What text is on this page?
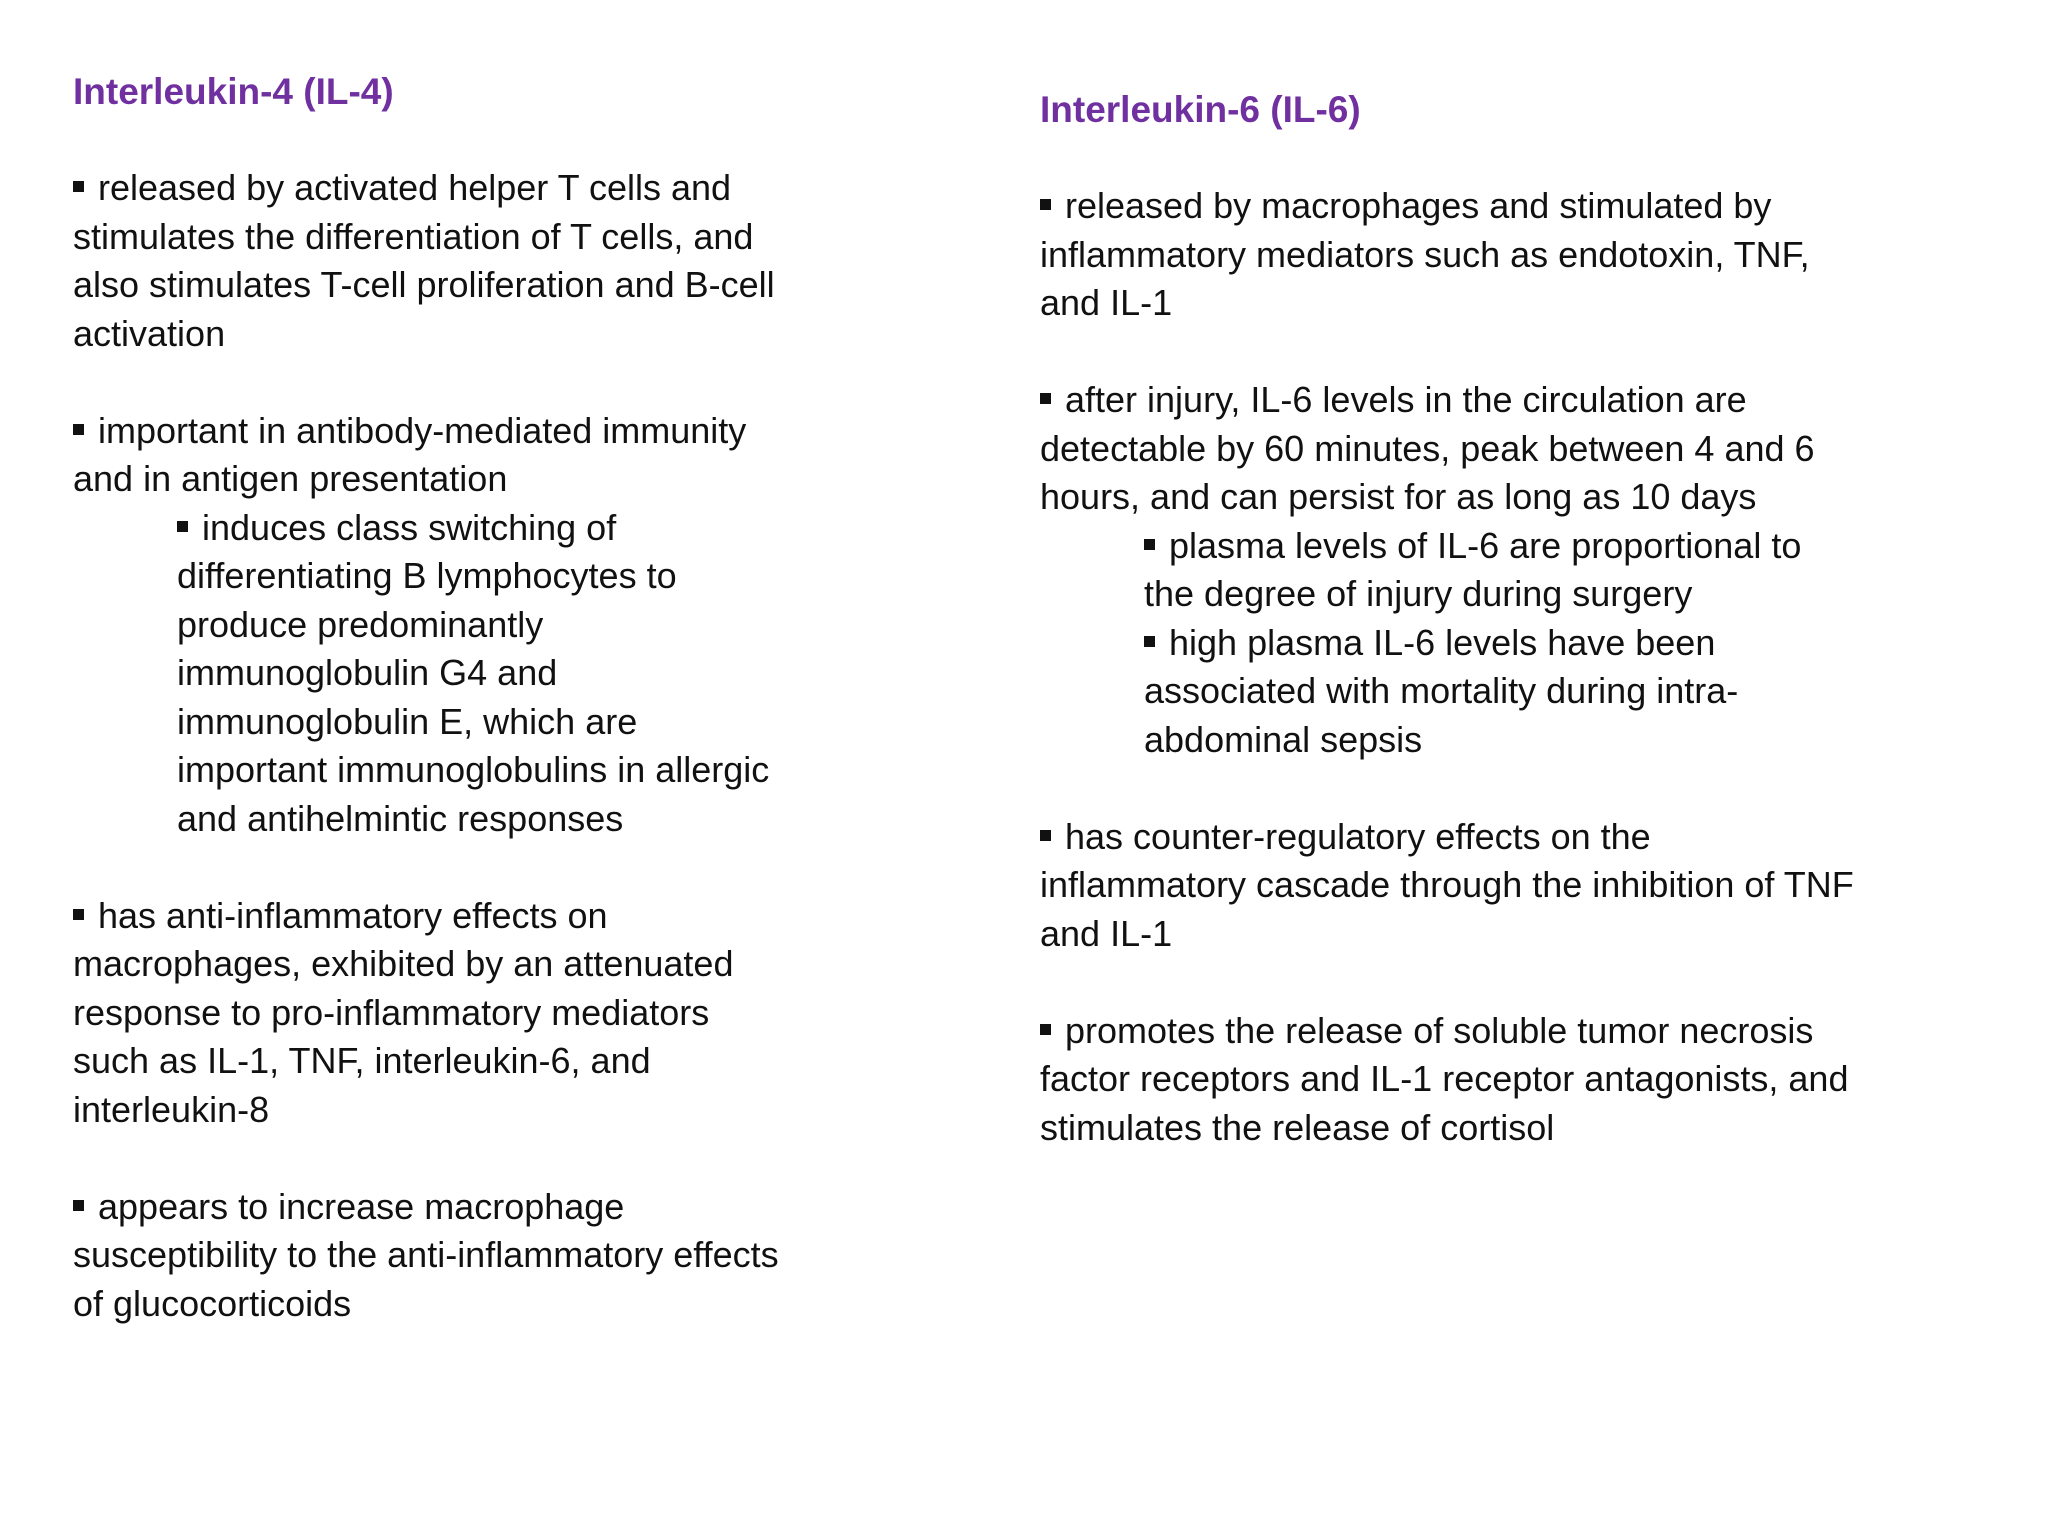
Interleukin-4 (IL-4)
released by activated helper T cells and stimulates the differentiation of T cells, and also stimulates T-cell proliferation and B-cell activation
important in antibody-mediated immunity and in antigen presentation
induces class switching of differentiating B lymphocytes to produce predominantly immunoglobulin G4 and immunoglobulin E, which are important immunoglobulins in allergic and antihelmintic responses
has anti-inflammatory effects on macrophages, exhibited by an attenuated response to pro-inflammatory mediators such as IL-1, TNF, interleukin-6, and interleukin-8
appears to increase macrophage susceptibility to the anti-inflammatory effects of glucocorticoids
Interleukin-6 (IL-6)
released by macrophages and stimulated by inflammatory mediators such as endotoxin, TNF, and IL-1
after injury, IL-6 levels in the circulation are detectable by 60 minutes, peak between 4 and 6 hours, and can persist for as long as 10 days
plasma levels of IL-6 are proportional to the degree of injury during surgery
high plasma IL-6 levels have been associated with mortality during intra-abdominal sepsis
has counter-regulatory effects on the inflammatory cascade through the inhibition of TNF and IL-1
promotes the release of soluble tumor necrosis factor receptors and IL-1 receptor antagonists, and stimulates the release of cortisol
